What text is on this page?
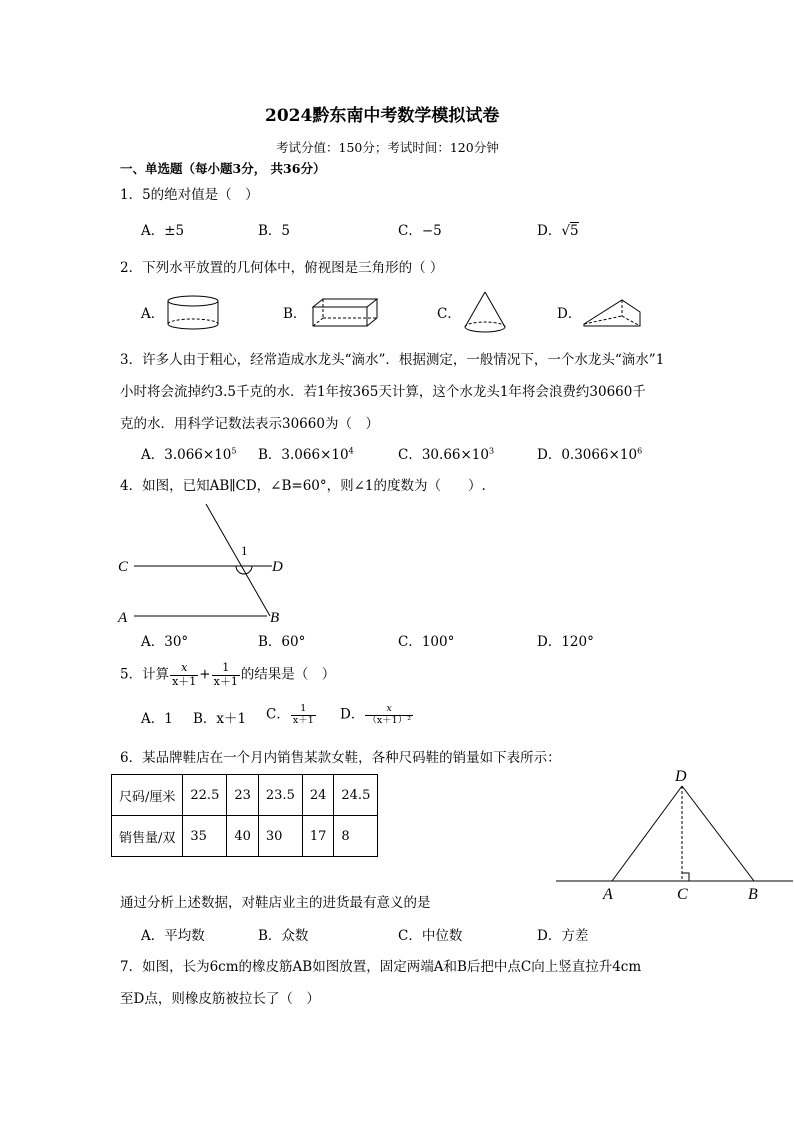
2024黔东南中考数学模拟试卷
考试分值：150分；考试时间：120分钟
一、单选题（每小题3分， 共36分）
1．5的绝对值是（　）
A．±5	B．5	C．−5	D．√5
2．下列水平放置的几何体中，俯视图是三角形的（ ）
A．	B．	C．	D．
3．许多人由于粗心，经常造成水龙头“滴水”．根据测定，一般情况下，一个水龙头“滴水”1
小时将会流掉约3.5千克的水．若1年按365天计算，这个水龙头1年将会浪费约30660千
克的水．用科学记数法表示30660为（　）
A．$3.066\times 10^5$ B．$3.066\times 10^4$	C．$30.66\times 10^3$	D．$0.3066\times 10^6$
4．如图，已知AB∥CD，∠B=60°，则∠1的度数为（　　）.
C	D
A	B
1
A．30°	B．60°	C．100°	D．120°
5．计算 $\frac{x}{x+1} + \frac{1}{x+1}$ 的结果是（　）
A．1 B．x＋1 C． $\frac{1}{x+1}$ D． $\frac{x}{\text{（x＋1）²}}$
6．某品牌鞋店在一个月内销售某款女鞋，各种尺码鞋的销量如下表所示：
尺码/厘米	22.5	23	23.5	24	24.5
销售量/双	35	40	30	17	8
D
A	C	B
通过分析上述数据，对鞋店业主的进货最有意义的是
A．平均数	B．众数	C．中位数	D．方差
7．如图，长为6cm的橡皮筋AB如图放置，固定两端A和B后把中点C向上竖直拉升4cm
至D点，则橡皮筋被拉长了（　）
